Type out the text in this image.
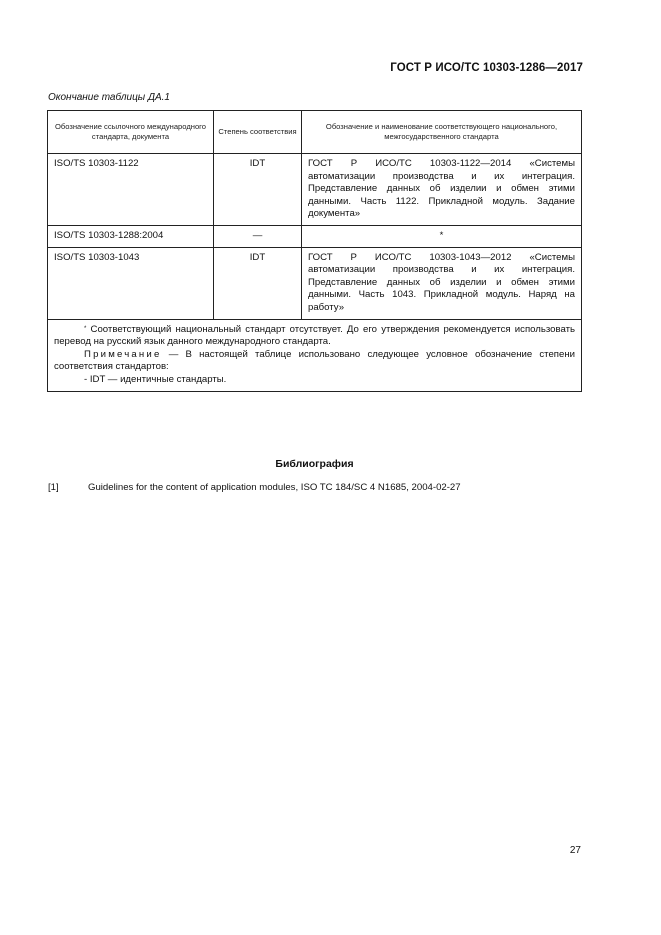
ГОСТ Р ИСО/ТС 10303-1286—2017
Окончание таблицы ДА.1
Обозначение ссылочного международного стандарта, документа	Степень соответствия	Обозначение и наименование соответствующего национального, межгосударственного стандарта
ISO/TS 10303-1122	IDT	ГОСТ Р ИСО/ТС 10303-1122—2014 «Системы автоматизации производства и их интеграция. Представление данных об изделии и обмен этими данными. Часть 1122. Прикладной модуль. Задание документа»
ISO/TS 10303-1288:2004	—	*
ISO/TS 10303-1043	IDT	ГОСТ Р ИСО/ТС 10303-1043—2012 «Системы автоматизации производства и их интеграция. Представление данных об изделии и обмен этими данными. Часть 1043. Прикладной модуль. Наряд на работу»

* Соответствующий национальный стандарт отсутствует. До его утверждения рекомендуется использовать перевод на русский язык данного международного стандарта.

Примечание — В настоящей таблице использовано следующее условное обозначение степени соответствия стандартов:

- IDT — идентичные стандарты.		

Библиография
[1]	Guidelines for the content of application modules, ISO TC 184/SC 4 N1685, 2004-02-27
27
